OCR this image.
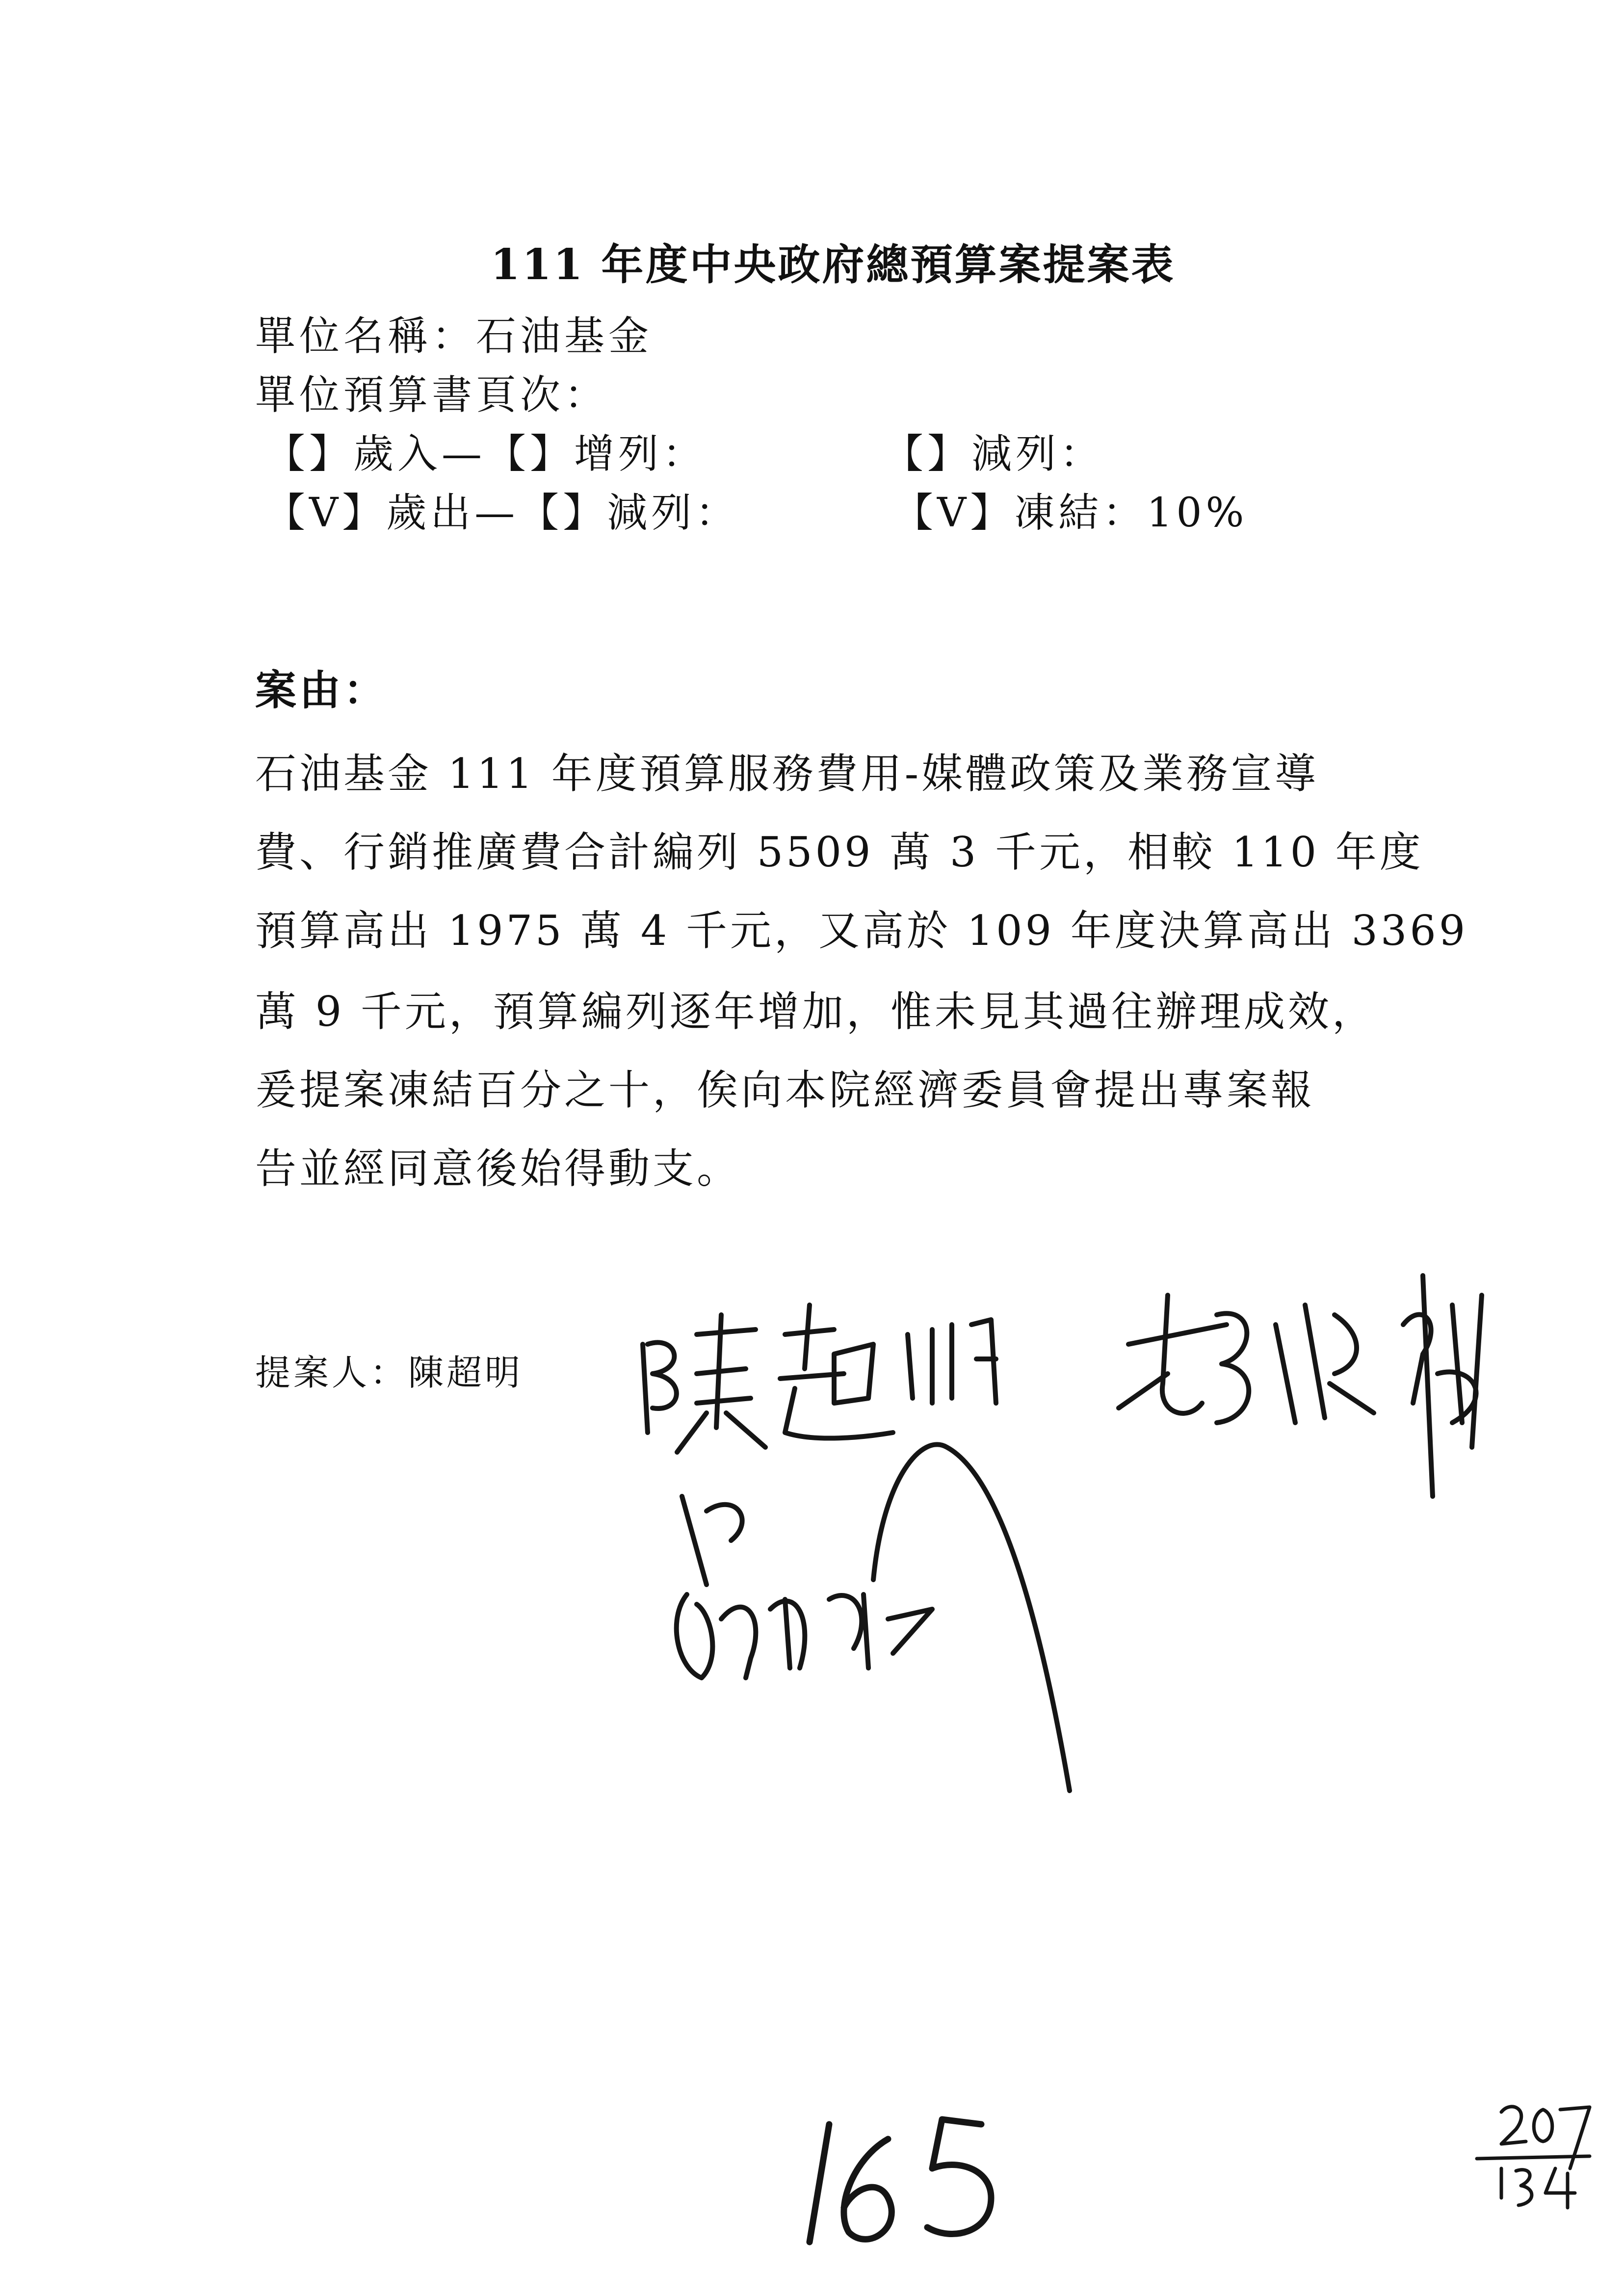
111 年度中央政府總預算案提案表
單位名稱：石油基金
單位預算書頁次：
【】歲入—【】增列：	【】減列：
【V】歲出—【】減列：	【V】凍結：10%
案由：
石油基金 111 年度預算服務費用-媒體政策及業務宣導
費、行銷推廣費合計編列 5509 萬 3 千元，相較 110 年度
預算高出 1975 萬 4 千元，又高於 109 年度決算高出 3369
萬 9 千元，預算編列逐年增加，惟未見其過往辦理成效，
爰提案凍結百分之十，俟向本院經濟委員會提出專案報
告並經同意後始得動支。
提案人：陳超明
